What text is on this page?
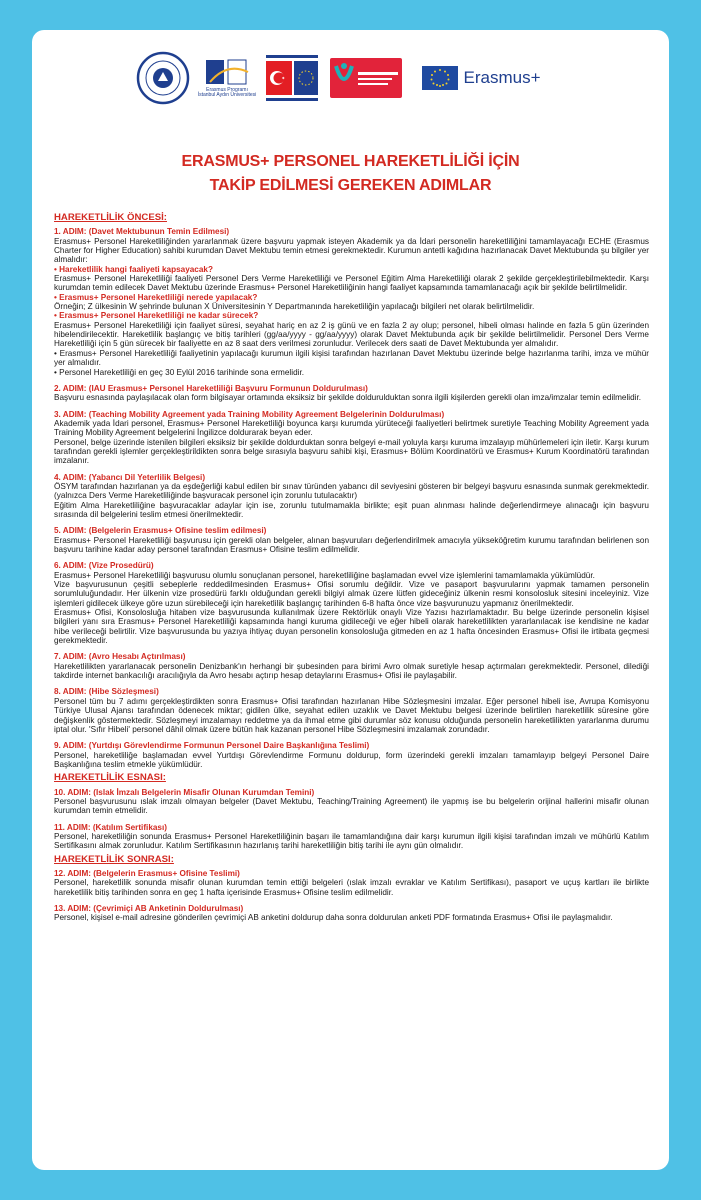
Erasmus Programı İstanbul Aydın Üniversitesi
Erasmus+
ERASMUS+ PERSONEL HAREKETLİLİĞİ İÇİN
TAKİP EDİLMESİ GEREKEN ADIMLAR
HAREKETLİLİK ÖNCESİ:
1. ADIM: (Davet Mektubunun Temin Edilmesi)

Erasmus+ Personel Hareketliliğinden yararlanmak üzere başvuru yapmak isteyen Akademik ya da İdari personelin hareketliliğini tamamlayacağı ECHE (Erasmus Charter for Higher Education) sahibi kurumdan Davet Mektubu temin etmesi gerekmektedir. Kurumun antetli kağıdına hazırlanacak Davet Mektubunda şu bilgiler yer almalıdır:

• Hareketlilik hangi faaliyeti kapsayacak?

Erasmus+ Personel Hareketliliği faaliyeti Personel Ders Verme Hareketliliği ve Personel Eğitim Alma Hareketliliği olarak 2 şekilde gerçekleştirilebilmektedir. Karşı kurumdan temin edilecek Davet Mektubu üzerinde Erasmus+ Personel Hareketliliğinin hangi faaliyet kapsamında tamamlanacağı açık bir şekilde belirtilmelidir.

• Erasmus+ Personel Hareketliliği nerede yapılacak?

Örneğin; Z ülkesinin W şehrinde bulunan X Üniversitesinin Y Departmanında hareketliliğin yapılacağı bilgileri net olarak belirtilmelidir.

• Erasmus+ Personel Hareketliliği ne kadar sürecek?

Erasmus+ Personel Hareketliliği için faaliyet süresi, seyahat hariç en az 2 iş günü ve en fazla 2 ay olup; personel, hibeli olması halinde en fazla 5 gün üzerinden hibelendirilecektir. Hareketlilik başlangıç ve bitiş tarihleri (gg/aa/yyyy - gg/aa/yyyy) olarak Davet Mektubunda açık bir şekilde belirtilmelidir. Personel Ders Verme Hareketliliği için 5 gün sürecek bir faaliyette en az 8 saat ders verilmesi zorunludur. Verilecek ders saati de Davet Mektubunda yer almalıdır.

• Erasmus+ Personel Hareketliliği faaliyetinin yapılacağı kurumun ilgili kişisi tarafından hazırlanan Davet Mektubu üzerinde belge hazırlanma tarihi, imza ve mühür yer almalıdır.

• Personel Hareketliliği en geç 30 Eylül 2016 tarihinde sona ermelidir.

2. ADIM: (IAU Erasmus+ Personel Hareketliliği Başvuru Formunun Doldurulması)

Başvuru esnasında paylaşılacak olan form bilgisayar ortamında eksiksiz bir şekilde doldurulduktan sonra ilgili kişilerden gerekli olan imza/imzalar temin edilmelidir.

3. ADIM: (Teaching Mobility Agreement yada Training Mobility Agreement Belgelerinin Doldurulması)

Akademik yada İdari personel, Erasmus+ Personel Hareketliliği boyunca karşı kurumda yürüteceği faaliyetleri belirtmek suretiyle Teaching Mobility Agreement yada Training Mobility Agreement belgelerini İngilizce doldurarak beyan eder.

Personel, belge üzerinde istenilen bilgileri eksiksiz bir şekilde doldurduktan sonra belgeyi e-mail yoluyla karşı kuruma imzalayıp mühürlemeleri için iletir. Karşı kurum tarafından gerekli işlemler gerçekleştirildikten sonra belge sırasıyla başvuru sahibi kişi, Erasmus+ Bölüm Koordinatörü ve Erasmus+ Kurum Koordinatörü tarafından imzalanır.

4. ADIM: (Yabancı Dil Yeterlilik Belgesi)

ÖSYM tarafından hazırlanan ya da eşdeğerliği kabul edilen bir sınav türünden yabancı dil seviyesini gösteren bir belgeyi başvuru esnasında sunmak gerekmektedir. (yalnızca Ders Verme Hareketliliğinde başvuracak personel için zorunlu tutulacaktır)

Eğitim Alma Hareketliliğine başvuracaklar adaylar için ise, zorunlu tutulmamakla birlikte; eşit puan alınması halinde değerlendirmeye alınacağı için başvuru sırasında dil belgelerini teslim etmesi önerilmektedir.

5. ADIM: (Belgelerin Erasmus+ Ofisine teslim edilmesi)

Erasmus+ Personel Hareketliliği başvurusu için gerekli olan belgeler, alınan başvuruları değerlendirilmek amacıyla yükseköğretim kurumu tarafından belirlenen son başvuru tarihine kadar aday personel tarafından Erasmus+ Ofisine teslim edilmelidir.

6. ADIM: (Vize Prosedürü)

Erasmus+ Personel Hareketliliği başvurusu olumlu sonuçlanan personel, hareketliliğine başlamadan evvel vize işlemlerini tamamlamakla yükümlüdür.

Vize başvurusunun çeşitli sebeplerle reddedilmesinden Erasmus+ Ofisi sorumlu değildir. Vize ve pasaport başvurularını yapmak tamamen personelin sorumluluğundadır. Her ülkenin vize prosedürü farklı olduğundan gerekli bilgiyi almak üzere lütfen gideceğiniz ülkenin resmi konsolosluk sitesini inceleyiniz. Vize işlemleri gidilecek ülkeye göre uzun sürebileceği için hareketlilik başlangıç tarihinden 6-8 hafta önce vize başvurunuzu yapmanız önerilmektedir.

Erasmus+ Ofisi, Konsolosluğa hitaben vize başvurusunda kullanılmak üzere Rektörlük onaylı Vize Yazısı hazırlamaktadır. Bu belge üzerinde personelin kişisel bilgileri yanı sıra Erasmus+ Personel Hareketliliği kapsamında hangi kuruma gidileceği ve eğer hibeli olarak hareketlilikten yararlanılacak ise kendisine ne kadar hibe verileceği belirtilir. Vize başvurusunda bu yazıya ihtiyaç duyan personelin konsolosluğa gitmeden en az 1 hafta öncesinden Erasmus+ Ofisi ile irtibata geçmesi gerekmektedir.

7. ADIM: (Avro Hesabı Açtırılması)

Hareketlilikten yararlanacak personelin Denizbank'ın herhangi bir şubesinden para birimi Avro olmak suretiyle hesap açtırmaları gerekmektedir. Personel, dilediği takdirde internet bankacılığı aracılığıyla da Avro hesabı açtırıp hesap detaylarını Erasmus+ Ofisi ile paylaşabilir.

8. ADIM: (Hibe Sözleşmesi)

Personel tüm bu 7 adımı gerçekleştirdikten sonra Erasmus+ Ofisi tarafından hazırlanan Hibe Sözleşmesini imzalar. Eğer personel hibeli ise, Avrupa Komisyonu Türkiye Ulusal Ajansı tarafından ödenecek miktar; gidilen ülke, seyahat edilen uzaklık ve Davet Mektubu belgesi üzerinde belirtilen hareketlilik süresine göre değişkenlik göstermektedir. Sözleşmeyi imzalamayı reddetme ya da ihmal etme gibi durumlar söz konusu olduğunda personelin hareketlilikten yararlanma durumu iptal olur. 'Sıfır Hibeli' personel dâhil olmak üzere bütün hak kazanan personel Hibe Sözleşmesini imzalamak zorundadır.

9. ADIM: (Yurtdışı Görevlendirme Formunun Personel Daire Başkanlığına Teslimi)

Personel, hareketliliğe başlamadan evvel Yurtdışı Görevlendirme Formunu doldurup, form üzerindeki gerekli imzaları tamamlayıp belgeyi Personel Daire Başkanlığına teslim etmekle yükümlüdür.

HAREKETLİLİK ESNASI:
10. ADIM: (Islak İmzalı Belgelerin Misafir Olunan Kurumdan Temini)

Personel başvurusunu ıslak imzalı olmayan belgeler (Davet Mektubu, Teaching/Training Agreement) ile yapmış ise bu belgelerin orijinal hallerini misafir olunan kurumdan temin etmelidir.

11. ADIM: (Katılım Sertifikası)

Personel, hareketliliğin sonunda Erasmus+ Personel Hareketliliğinin başarı ile tamamlandığına dair karşı kurumun ilgili kişisi tarafından imzalı ve mühürlü Katılım Sertifikasını almak zorunludur. Katılım Sertifikasının hazırlanış tarihi hareketliliğin bitiş tarihi ile aynı gün olmalıdır.

HAREKETLİLİK SONRASI:
12. ADIM: (Belgelerin Erasmus+ Ofisine Teslimi)

Personel, hareketlilik sonunda misafir olunan kurumdan temin ettiği belgeleri (ıslak imzalı evraklar ve Katılım Sertifikası), pasaport ve uçuş kartları ile birlikte hareketlilik bitiş tarihinden sonra en geç 1 hafta içerisinde Erasmus+ Ofisine teslim edilmelidir.

13. ADIM: (Çevrimiçi AB Anketinin Doldurulması)

Personel, kişisel e-mail adresine gönderilen çevrimiçi AB anketini doldurup daha sonra doldurulan anketi PDF formatında Erasmus+ Ofisi ile paylaşmalıdır.
